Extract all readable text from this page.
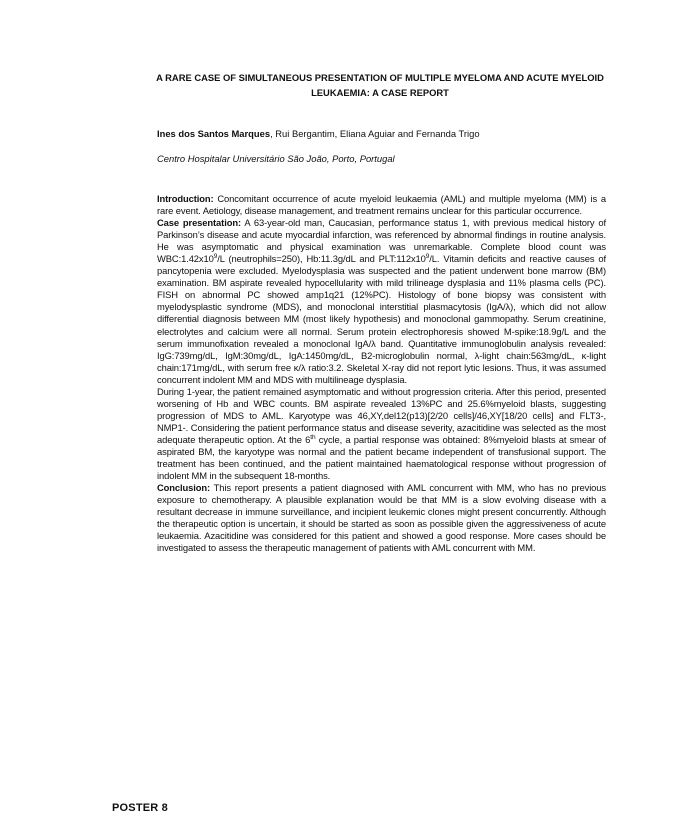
A RARE CASE OF SIMULTANEOUS PRESENTATION OF MULTIPLE MYELOMA AND ACUTE MYELOID LEUKAEMIA: A CASE REPORT
Ines dos Santos Marques, Rui Bergantim, Eliana Aguiar and Fernanda Trigo
Centro Hospitalar Universitário São João, Porto, Portugal

Introduction: Concomitant occurrence of acute myeloid leukaemia (AML) and multiple myeloma (MM) is a rare event. Aetiology, disease management, and treatment remains unclear for this particular occurrence.

Case presentation: A 63-year-old man, Caucasian, performance status 1, with previous medical history of Parkinson’s disease and acute myocardial infarction, was referenced by abnormal findings in routine analysis. He was asymptomatic and physical examination was unremarkable. Complete blood count was $WBC:1.42x10^9/L$ (neutrophils=250), Hb:11.3g/dL and $PLT:112x10^9/L$. Vitamin deficits and reactive causes of pancytopenia were excluded. Myelodysplasia was suspected and the patient underwent bone marrow (BM) examination. BM aspirate revealed hypocellularity with mild trilineage dysplasia and 11% plasma cells (PC). FISH on abnormal PC showed amp1q21 (12%PC). Histology of bone biopsy was consistent with myelodysplastic syndrome (MDS), and monoclonal interstitial plasmacytosis (IgA/λ), which did not allow differential diagnosis between MM (most likely hypothesis) and monoclonal gammopathy. Serum creatinine, electrolytes and calcium were all normal. Serum protein electrophoresis showed M-spike:18.9g/L and the serum immunofixation revealed a monoclonal IgA/λ band. Quantitative immunoglobulin analysis revealed: IgG:739mg/dL, IgM:30mg/dL, IgA:1450mg/dL, Β2-microglobulin normal, λ-light chain:563mg/dL, κ-light chain:171mg/dL, with serum free κ/λ ratio:3.2. Skeletal X-ray did not report lytic lesions. Thus, it was assumed concurrent indolent MM and MDS with multilineage dysplasia.

During 1-year, the patient remained asymptomatic and without progression criteria. After this period, presented worsening of Hb and WBC counts. BM aspirate revealed 13%PC and 25.6%myeloid blasts, suggesting progression of MDS to AML. Karyotype was 46,XY,del12(p13)[2/20 cells]/46,XY[18/20 cells] and FLT3-, NMP1-. Considering the patient performance status and disease severity, azacitidine was selected as the most adequate therapeutic option. At the 6th cycle, a partial response was obtained: 8%myeloid blasts at smear of aspirated BM, the karyotype was normal and the patient became independent of transfusional support. The treatment has been continued, and the patient maintained haematological response without progression of indolent MM in the subsequent 18-months.

Conclusion: This report presents a patient diagnosed with AML concurrent with MM, who has no previous exposure to chemotherapy. A plausible explanation would be that MM is a slow evolving disease with a resultant decrease in immune surveillance, and incipient leukemic clones might present concurrently. Although the therapeutic option is uncertain, it should be started as soon as possible given the aggressiveness of acute leukaemia. Azacitidine was considered for this patient and showed a good response. More cases should be investigated to assess the therapeutic management of patients with AML concurrent with MM.

POSTER 8
